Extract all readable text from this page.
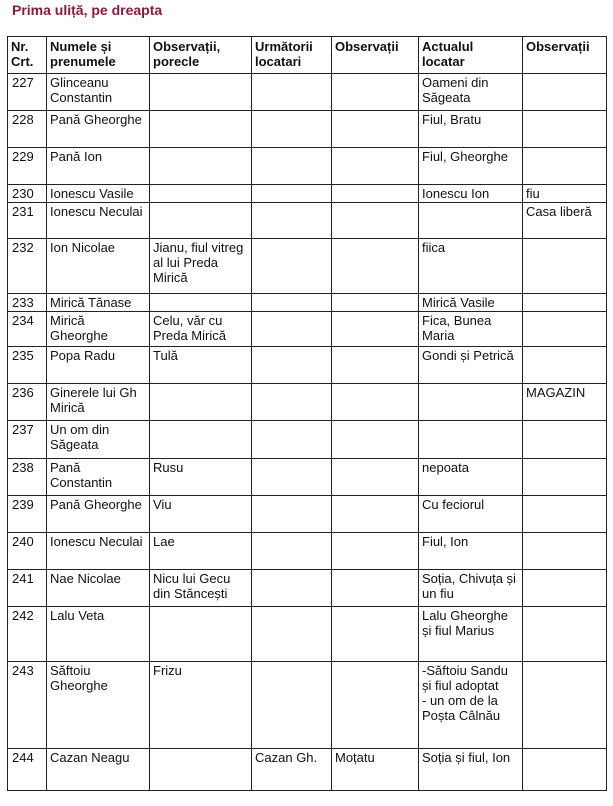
Prima uliță, pe dreapta
Nr. Crt.	Numele și prenumele	Observații, porecle	Următorii locatari	Observații	Actualul locatar	Observații
227	Glinceanu Constantin				Oameni din Săgeata	
228	Pană Gheorghe				Fiul, Bratu	
229	Pană Ion				Fiul, Gheorghe	
230	Ionescu Vasile				Ionescu Ion	fiu
231	Ionescu Neculai					Casa liberă
232	Ion Nicolae	Jianu, fiul vitreg al lui Preda Mirică			fiica	
233	Mirică Tănase				Mirică Vasile	
234	Mirică Gheorghe	Celu, văr cu Preda Mirică			Fica, Bunea Maria	
235	Popa Radu	Tulă			Gondi și Petrică	
236	Ginerele lui Gh Mirică					MAGAZIN
237	Un om din Săgeata					
238	Pană Constantin	Rusu			nepoata	
239	Pană Gheorghe	Viu			Cu feciorul	
240	Ionescu Neculai	Lae			Fiul, Ion	
241	Nae Nicolae	Nicu lui Gecu din Stăncești			Soția, Chivuța și un fiu	
242	Lalu Veta				Lalu Gheorghe și fiul Marius	
243	Săftoiu Gheorghe	Frizu			-Săftoiu Sandu și fiul adoptat
- un om de la Poșta Câlnău	
244	Cazan Neagu		Cazan Gh.	Moțatu	Soția și fiul, Ion	
